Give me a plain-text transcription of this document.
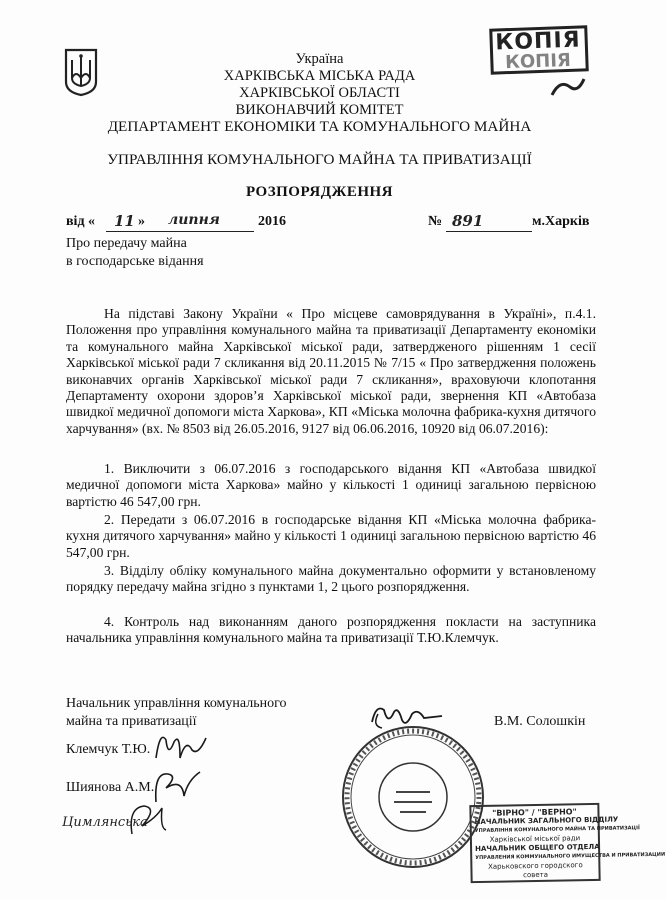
КОПІЯ
КОПІЯ
Україна
ХАРКІВСЬКА МІСЬКА РАДА
ХАРКІВСЬКОЇ ОБЛАСТІ
ВИКОНАВЧИЙ КОМІТЕТ
ДЕПАРТАМЕНТ ЕКОНОМІКИ ТА КОМУНАЛЬНОГО МАЙНА
УПРАВЛІННЯ КОМУНАЛЬНОГО МАЙНА ТА ПРИВАТИЗАЦІЇ
РОЗПОРЯДЖЕННЯ
від « 11 » липня	2016	№ 891	м.Харків
Про передачу майна
в господарське відання
На підставі Закону України « Про місцеве самоврядування в Україні», п.4.1. Положення про управління комунального майна та приватизації Департаменту економіки та комунального майна Харківської міської ради, затвердженого рішенням 1 сесії Харківської міської ради 7 скликання від 20.11.2015 № 7/15 « Про затвердження положень виконавчих органів Харківської міської ради 7 скликання», враховуючи клопотання Департаменту охорони здоров’я Харківської міської ради, звернення КП «Автобаза швидкої медичної допомоги міста Харкова», КП «Міська молочна фабрика-кухня дитячого харчування» (вх. № 8503 від 26.05.2016, 9127 від 06.06.2016, 10920 від 06.07.2016):
1. Виключити з 06.07.2016 з господарського відання КП «Автобаза швидкої медичної допомоги міста Харкова» майно у кількості 1 одиниці загальною первісною вартістю 46 547,00 грн.
2. Передати з 06.07.2016 в господарське відання КП «Міська молочна фабрика-кухня дитячого харчування» майно у кількості 1 одиниці загальною первісною вартістю 46 547,00 грн.
3. Відділу обліку комунального майна документально оформити у встановленому порядку передачу майна згідно з пунктами 1, 2 цього розпорядження.
4. Контроль над виконанням даного розпорядження покласти на заступника начальника управління комунального майна та приватизації Т.Ю.Клемчук.
Начальник управління комунального
майна та приватизації	В.М. Солошкін
Клемчук Т.Ю.
Шиянова А.М.
Цимлянська
"ВІРНО" / "ВЕРНО"
НАЧАЛЬНИК ЗАГАЛЬНОГО ВІДДІЛУ
УПРАВЛІННЯ КОМУНАЛЬНОГО МАЙНА ТА ПРИВАТИЗАЦІЇ
Харківської міської ради
НАЧАЛЬНИК ОБЩЕГО ОТДЕЛА
УПРАВЛЕНИЯ КОММУНАЛЬНОГО ИМУЩЕСТВА И ПРИВАТИЗАЦИИ
Харьковского городского совета
